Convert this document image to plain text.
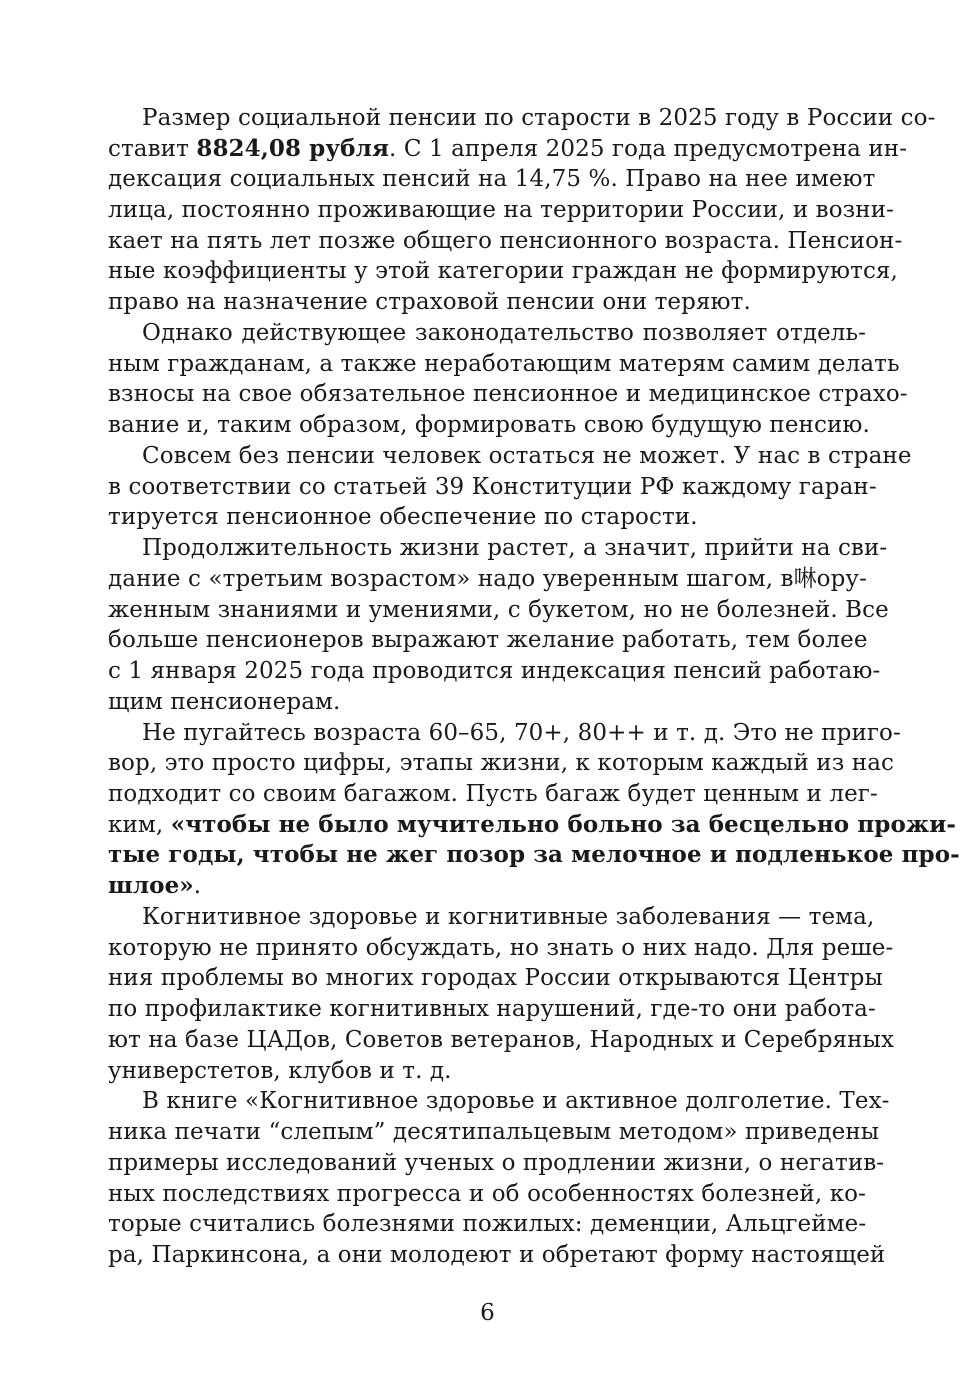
Размер социальной пенсии по старости в 2025 году в России со-
ставит 8824,08 рубля. С 1 апреля 2025 года предусмотрена ин-
дексация социальных пенсий на 14,75 %. Право на нее имеют
лица, постоянно проживающие на территории России, и возни-
кает на пять лет позже общего пенсионного возраста. Пенсион-
ные коэффициенты у этой категории граждан не формируются,
право на назначение страховой пенсии они теряют.
Однако действующее законодательство позволяет отдель-
ным гражданам, а также неработающим матерям самим делать
взносы на свое обязательное пенсионное и медицинское страхо-
вание и, таким образом, формировать свою будущую пенсию.
Совсем без пенсии человек остаться не может. У нас в стране
в соответствии со статьей 39 Конституции РФ каждому гаран-
тируется пенсионное обеспечение по старости.
Продолжительность жизни растет, а значит, прийти на сви-
дание с «третьим возрастом» надо уверенным шагом, в啉ору-
женным знаниями и умениями, с букетом, но не болезней. Все
больше пенсионеров выражают желание работать, тем более
с 1 января 2025 года проводится индексация пенсий работаю-
щим пенсионерам.
Не пугайтесь возраста 60–65, 70+, 80++ и т. д. Это не приго-
вор, это просто цифры, этапы жизни, к которым каждый из нас
подходит со своим багажом. Пусть багаж будет ценным и лег-
ким, «чтобы не было мучительно больно за бесцельно прожи-
тые годы, чтобы не жег позор за мелочное и подленькое про-
шлое».
Когнитивное здоровье и когнитивные заболевания — тема,
которую не принято обсуждать, но знать о них надо. Для реше-
ния проблемы во многих городах России открываются Центры
по профилактике когнитивных нарушений, где-то они работа-
ют на базе ЦАДов, Советов ветеранов, Народных и Серебряных
универстетов, клубов и т. д.
В книге «Когнитивное здоровье и активное долголетие. Тех-
ника печати “слепым” десятипальцевым методом» приведены
примеры исследований ученых о продлении жизни, о негатив-
ных последствиях прогресса и об особенностях болезней, ко-
торые считались болезнями пожилых: деменции, Альцгейме-
ра, Паркинсона, а они молодеют и обретают форму настоящей
6
